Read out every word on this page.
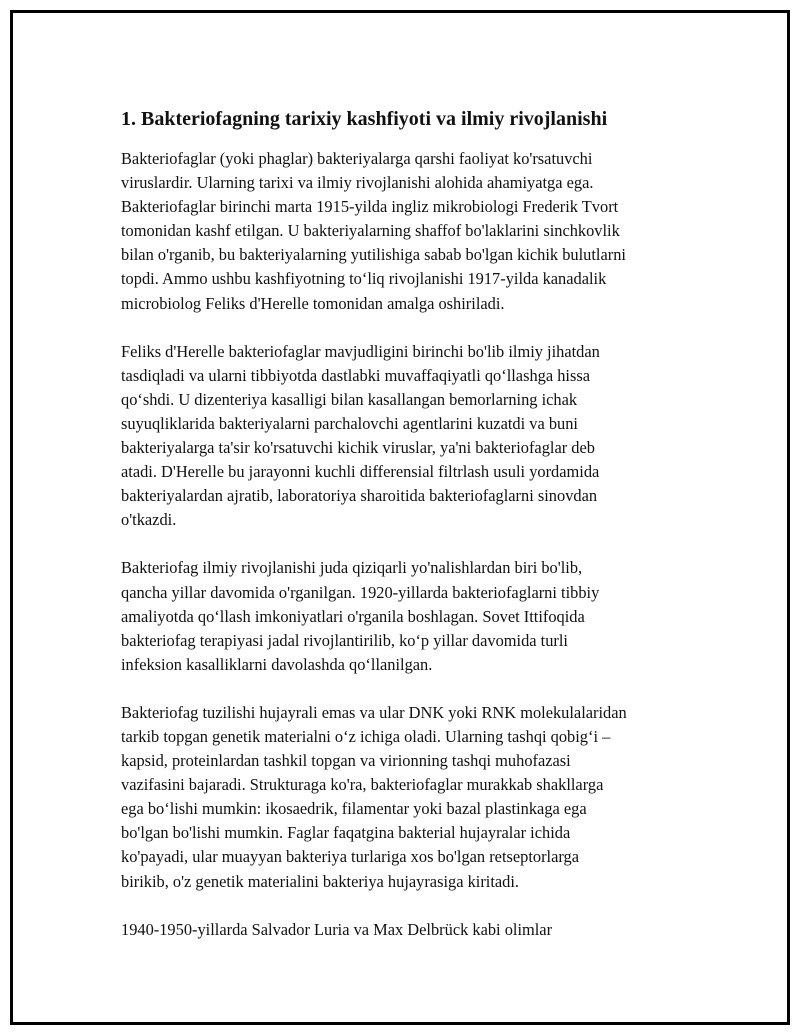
1. Bakteriofagning tarixiy kashfiyoti va ilmiy rivojlanishi

Bakteriofaglar (yoki phaglar) bakteriyalarga qarshi faoliyat ko'rsatuvchi
viruslardir. Ularning tarixi va ilmiy rivojlanishi alohida ahamiyatga ega.
Bakteriofaglar birinchi marta 1915-yilda ingliz mikrobiologi Frederik Tvort
tomonidan kashf etilgan. U bakteriyalarning shaffof bo'laklarini sinchkovlik
bilan o'rganib, bu bakteriyalarning yutilishiga sabab bo'lgan kichik bulutlarni
topdi. Ammo ushbu kashfiyotning to‘liq rivojlanishi 1917-yilda kanadalik
microbiolog Feliks d'Herelle tomonidan amalga oshiriladi.

Feliks d'Herelle bakteriofaglar mavjudligini birinchi bo'lib ilmiy jihatdan
tasdiqladi va ularni tibbiyotda dastlabki muvaffaqiyatli qo‘llashga hissa
qo‘shdi. U dizenteriya kasalligi bilan kasallangan bemorlarning ichak
suyuqliklarida bakteriyalarni parchalovchi agentlarini kuzatdi va buni
bakteriyalarga ta'sir ko'rsatuvchi kichik viruslar, ya'ni bakteriofaglar deb
atadi. D'Herelle bu jarayonni kuchli differensial filtrlash usuli yordamida
bakteriyalardan ajratib, laboratoriya sharoitida bakteriofaglarni sinovdan
o'tkazdi.

Bakteriofag ilmiy rivojlanishi juda qiziqarli yo'nalishlardan biri bo'lib,
qancha yillar davomida o'rganilgan. 1920-yillarda bakteriofaglarni tibbiy
amaliyotda qo‘llash imkoniyatlari o'rganila boshlagan. Sovet Ittifoqida
bakteriofag terapiyasi jadal rivojlantirilib, ko‘p yillar davomida turli
infeksion kasalliklarni davolashda qo‘llanilgan.

Bakteriofag tuzilishi hujayrali emas va ular DNK yoki RNK molekulalaridan
tarkib topgan genetik materialni o‘z ichiga oladi. Ularning tashqi qobig‘i –
kapsid, proteinlardan tashkil topgan va virionning tashqi muhofazasi
vazifasini bajaradi. Strukturaga ko'ra, bakteriofaglar murakkab shakllarga
ega bo‘lishi mumkin: ikosaedrik, filamentar yoki bazal plastinkaga ega
bo'lgan bo'lishi mumkin. Faglar faqatgina bakterial hujayralar ichida
ko'payadi, ular muayyan bakteriya turlariga xos bo'lgan retseptorlarga
birikib, o'z genetik materialini bakteriya hujayrasiga kiritadi.

1940-1950-yillarda Salvador Luria va Max Delbrück kabi olimlar
